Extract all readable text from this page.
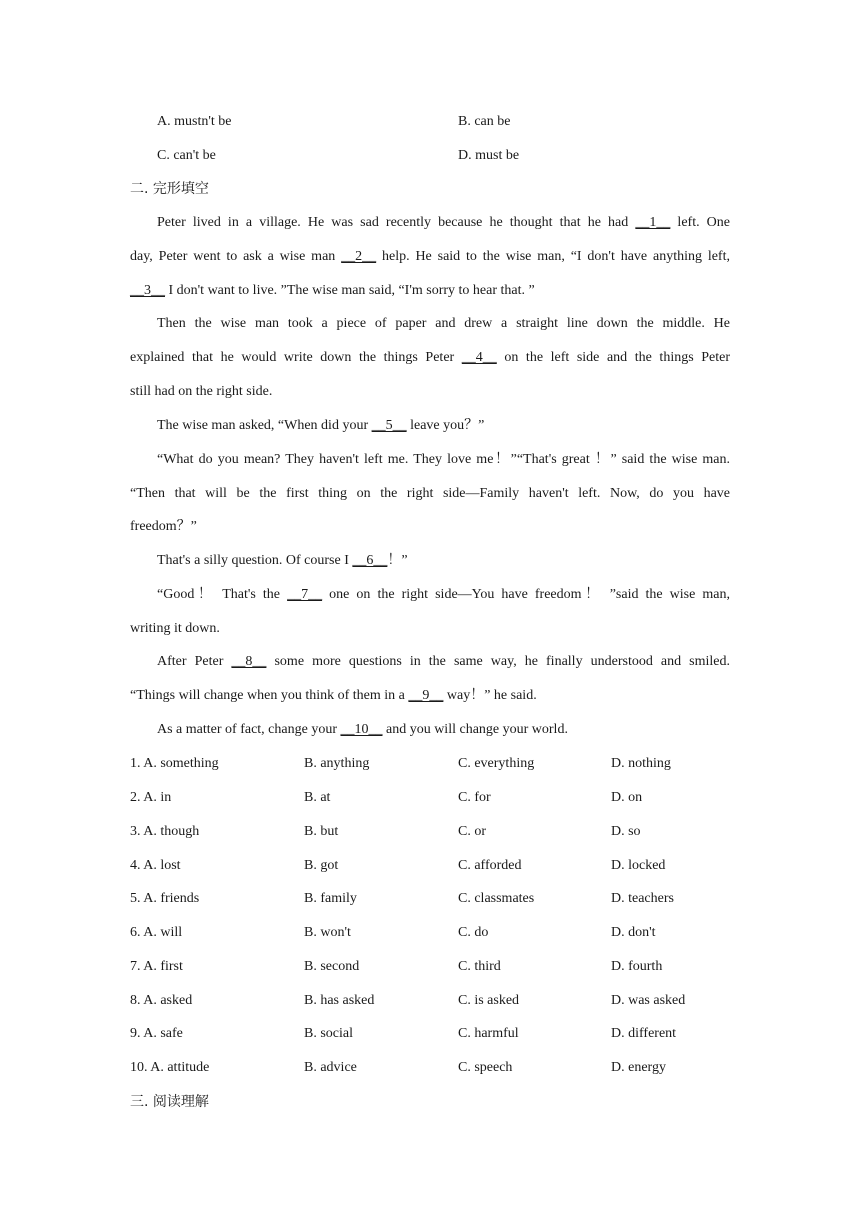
A. mustn't be	B. can be
C. can't be	D. must be
二. 完形填空
Peter lived in a village. He was sad recently because he thought that he had __1__ left. One
day, Peter went to ask a wise man __2__ help. He said to the wise man, “I don't have anything left,
__3__ I don't want to live. ”The wise man said, “I'm sorry to hear that. ”
Then the wise man took a piece of paper and drew a straight line down the middle. He
explained that he would write down the things Peter __4__ on the left side and the things Peter
still had on the right side.
The wise man asked, “When did your __5__ leave you？”
“What do you mean? They haven't left me. They love me！”“That's great ！” said the wise man.
“Then that will be the first thing on the right side—Family haven't left. Now, do you have
freedom？”
That's a silly question. Of course I __6__！”
“Good！ That's the __7__ one on the right side—You have freedom！ ”said the wise man,
writing it down.
After Peter __8__ some more questions in the same way, he finally understood and smiled.
“Things will change when you think of them in a __9__ way！” he said.
As a matter of fact, change your __10__ and you will change your world.
1. A. something	B. anything	C. everything	D. nothing
2. A. in	B. at	C. for	D. on
3. A. though	B. but	C. or	D. so
4. A. lost	B. got	C. afforded	D. locked
5. A. friends	B. family	C. classmates	D. teachers
6. A. will	B. won't	C. do	D. don't
7. A. first	B. second	C. third	D. fourth
8. A. asked	B. has asked	C. is asked	D. was asked
9. A. safe	B. social	C. harmful	D. different
10. A. attitude	B. advice	C. speech	D. energy
三. 阅读理解
